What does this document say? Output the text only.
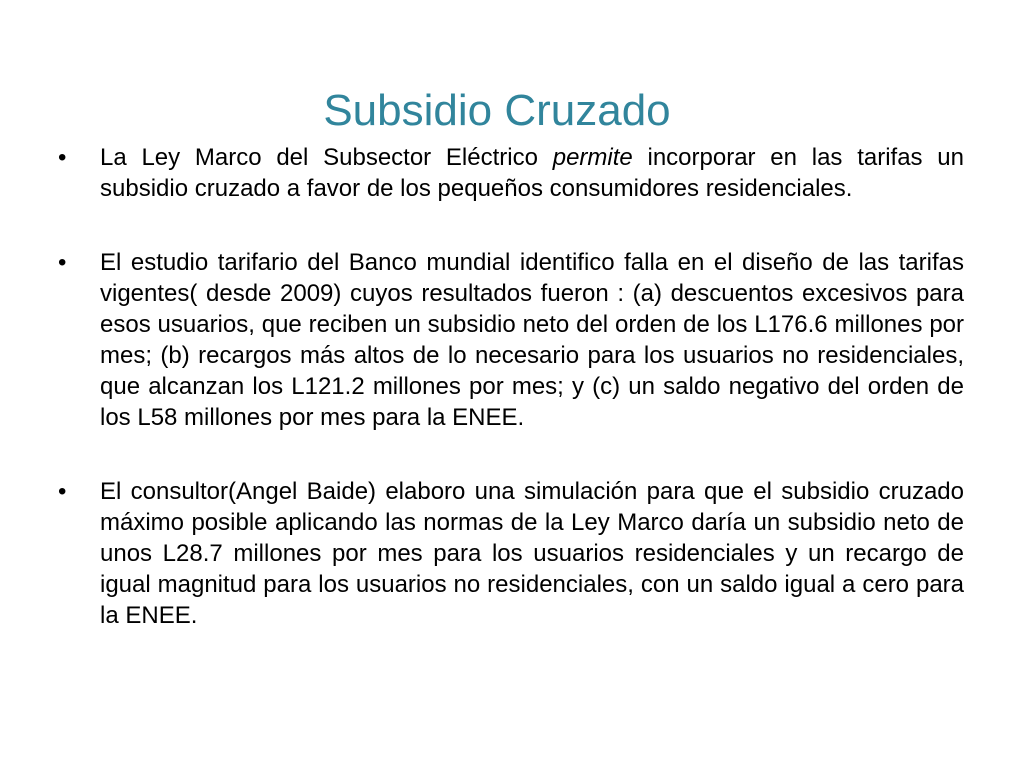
Subsidio Cruzado
•	La Ley Marco del Subsector Eléctrico permite incorporar en las tarifas un subsidio cruzado a favor de los pequeños consumidores residenciales.
•	El estudio tarifario del Banco mundial identifico falla en el diseño de las tarifas vigentes( desde 2009) cuyos resultados fueron : (a) descuentos excesivos para esos usuarios, que reciben un subsidio neto del orden de los L176.6 millones por mes; (b) recargos más altos de lo necesario para los usuarios no residenciales, que alcanzan los L121.2 millones por mes; y (c) un saldo negativo del orden de los L58 millones por mes para la ENEE.
•	El consultor(Angel Baide) elaboro una simulación para que el subsidio cruzado máximo posible aplicando las normas de la Ley Marco daría un subsidio neto de unos L28.7 millones por mes para los usuarios residenciales y un recargo de igual magnitud para los usuarios no residenciales, con un saldo igual a cero para la ENEE.
